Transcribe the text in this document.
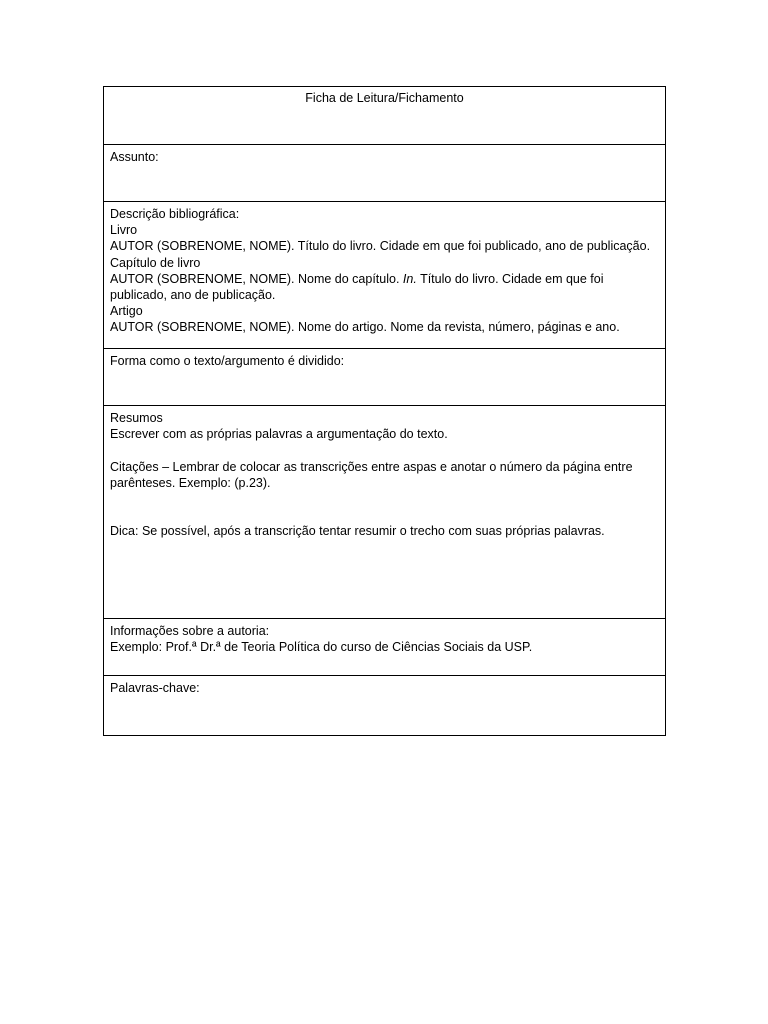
Ficha de Leitura/Fichamento
Assunto:
Descrição bibliográfica:
Livro
AUTOR (SOBRENOME, NOME). Título do livro. Cidade em que foi publicado, ano de publicação.
Capítulo de livro
AUTOR (SOBRENOME, NOME). Nome do capítulo. In. Título do livro. Cidade em que foi
publicado, ano de publicação.
Artigo
AUTOR (SOBRENOME, NOME). Nome do artigo. Nome da revista, número, páginas e ano.
Forma como o texto/argumento é dividido:
Resumos
Escrever com as próprias palavras a argumentação do texto.
Citações – Lembrar de colocar as transcrições entre aspas e anotar o número da página entre
parênteses. Exemplo: (p.23).
Dica: Se possível, após a transcrição tentar resumir o trecho com suas próprias palavras.
Informações sobre a autoria:
Exemplo: Prof.ª Dr.ª de Teoria Política do curso de Ciências Sociais da USP.
Palavras-chave:
